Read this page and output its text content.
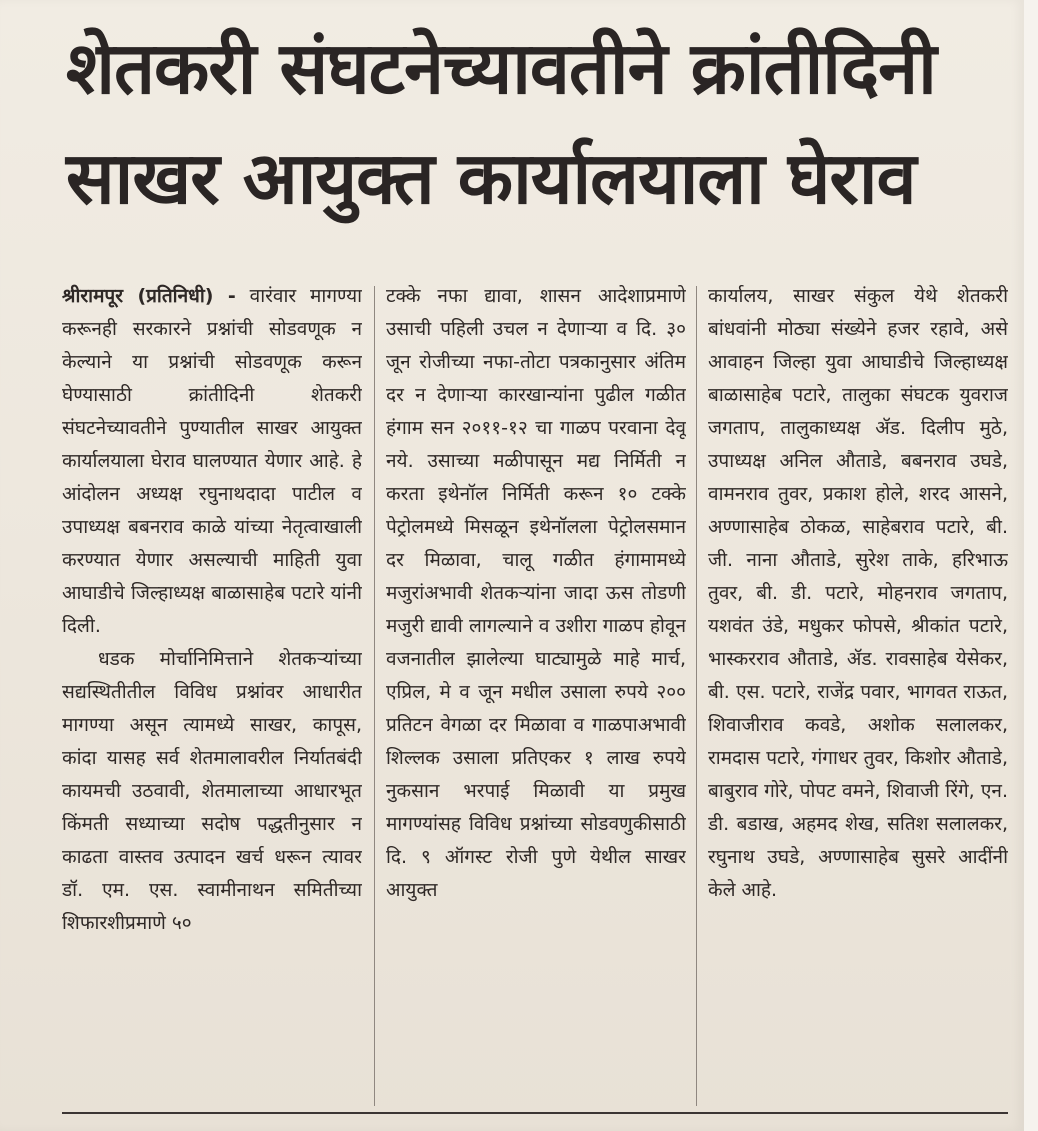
शेतकरी संघटनेच्यावतीने क्रांतीदिनी
साखर आयुक्त कार्यालयाला घेराव

श्रीरामपूर (प्रतिनिधी) - वारंवार मागण्या करूनही सरकारने प्रश्नांची सोडवणूक न केल्याने या प्रश्नांची सोडवणूक करून घेण्यासाठी क्रांतीदिनी शेतकरी संघटनेच्यावतीने पुण्यातील साखर आयुक्त कार्यालयाला घेराव घालण्यात येणार आहे. हे आंदोलन अध्यक्ष रघुनाथदादा पाटील व उपाध्यक्ष बबनराव काळे यांच्या नेतृत्वाखाली करण्यात येणार असल्याची माहिती युवा आघाडीचे जिल्हाध्यक्ष बाळासाहेब पटारे यांनी दिली.

धडक मोर्चानिमित्ताने शेतकऱ्यांच्या सद्यस्थितीतील विविध प्रश्नांवर आधारीत मागण्या असून त्यामध्ये साखर, कापूस, कांदा यासह सर्व शेतमालावरील निर्यातबंदी कायमची उठवावी, शेतमालाच्या आधारभूत किंमती सध्याच्या सदोष पद्धतीनुसार न काढता वास्तव उत्पादन खर्च धरून त्यावर डॉ. एम. एस. स्वामीनाथन समितीच्या शिफारशीप्रमाणे ५०

टक्के नफा द्यावा, शासन आदेशाप्रमाणे उसाची पहिली उचल न देणाऱ्या व दि. ३० जून रोजीच्या नफा-तोटा पत्रकानुसार अंतिम दर न देणाऱ्या कारखान्यांना पुढील गळीत हंगाम सन २०११-१२ चा गाळप परवाना देवू नये. उसाच्या मळीपासून मद्य निर्मिती न करता इथेनॉल निर्मिती करून १० टक्के पेट्रोलमध्ये मिसळून इथेनॉलला पेट्रोलसमान दर मिळावा, चालू गळीत हंगामामध्ये मजुरांअभावी शेतकऱ्यांना जादा ऊस तोडणी मजुरी द्यावी लागल्याने व उशीरा गाळप होवून वजनातील झालेल्या घाट्यामुळे माहे मार्च, एप्रिल, मे व जून मधील उसाला रुपये २०० प्रतिटन वेगळा दर मिळावा व गाळपाअभावी शिल्लक उसाला प्रतिएकर १ लाख रुपये नुकसान भरपाई मिळावी या प्रमुख मागण्यांसह विविध प्रश्नांच्या सोडवणुकीसाठी दि. ९ ऑगस्ट रोजी पुणे येथील साखर आयुक्त

कार्यालय, साखर संकुल येथे शेतकरी बांधवांनी मोठ्या संख्येने हजर रहावे, असे आवाहन जिल्हा युवा आघाडीचे जिल्हाध्यक्ष बाळासाहेब पटारे, तालुका संघटक युवराज जगताप, तालुकाध्यक्ष ॲड. दिलीप मुठे, उपाध्यक्ष अनिल औताडे, बबनराव उघडे, वामनराव तुवर, प्रकाश होले, शरद आसने, अण्णासाहेब ठोकळ, साहेबराव पटारे, बी. जी. नाना औताडे, सुरेश ताके, हरिभाऊ तुवर, बी. डी. पटारे, मोहनराव जगताप, यशवंत उंडे, मधुकर फोपसे, श्रीकांत पटारे, भास्करराव औताडे, ॲड. रावसाहेब येसेकर, बी. एस. पटारे, राजेंद्र पवार, भागवत राऊत, शिवाजीराव कवडे, अशोक सलालकर, रामदास पटारे, गंगाधर तुवर, किशोर औताडे, बाबुराव गोरे, पोपट वमने, शिवाजी रिंगे, एन. डी. बडाख, अहमद शेख, सतिश सलालकर, रघुनाथ उघडे, अण्णासाहेब सुसरे आदींनी केले आहे.
